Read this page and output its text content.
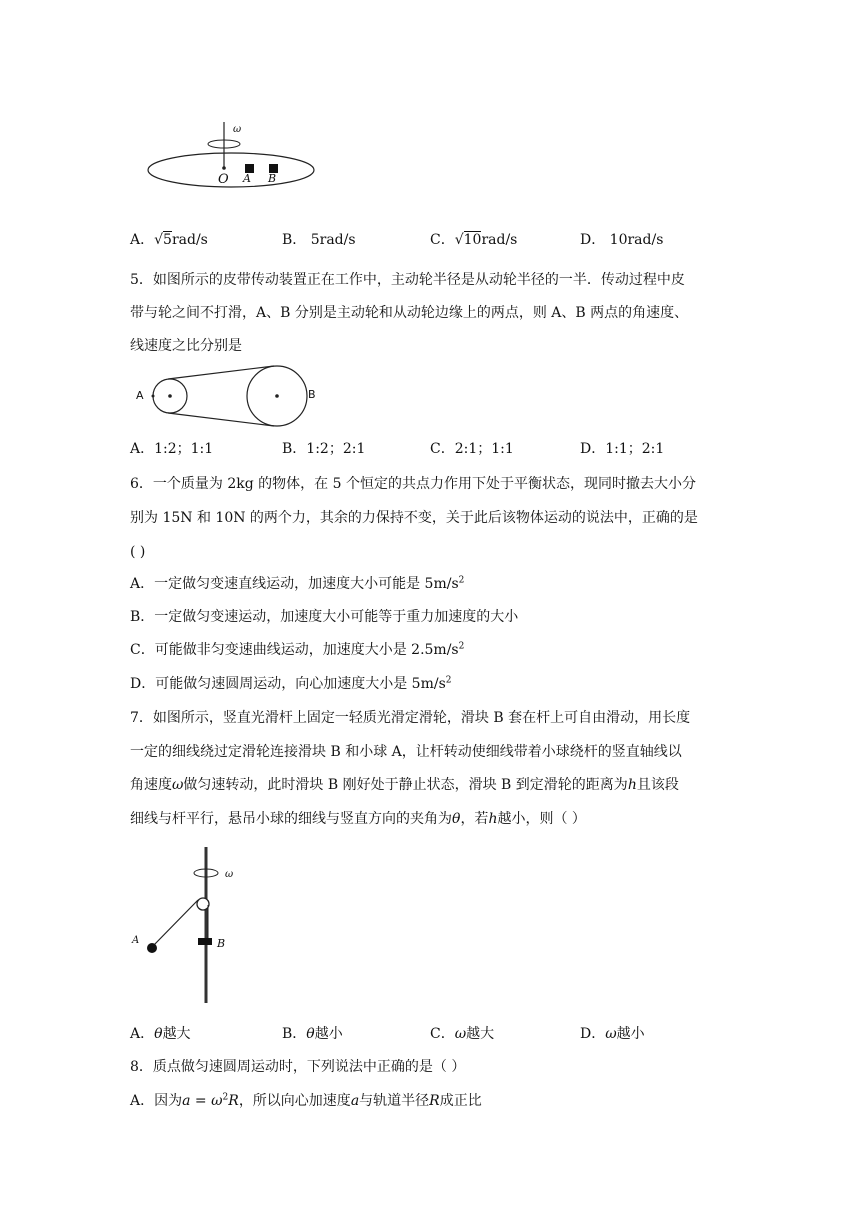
ω
O A B
A．√5rad/s	B． 5rad/s	C．√10rad/s	D． 10rad/s
5．如图所示的皮带传动装置正在工作中，主动轮半径是从动轮半径的一半．传动过程中皮
带与轮之间不打滑，A、B 分别是主动轮和从动轮边缘上的两点，则 A、B 两点的角速度、
线速度之比分别是
A	B
A．1:2；1:1	B．1:2；2:1	C．2:1；1:1	D．1:1；2:1
6．一个质量为 2kg 的物体，在 5 个恒定的共点力作用下处于平衡状态，现同时撤去大小分
别为 15N 和 10N 的两个力，其余的力保持不变，关于此后该物体运动的说法中，正确的是
( )
A．一定做匀变速直线运动，加速度大小可能是 $5m/s^2$
B．一定做匀变速运动，加速度大小可能等于重力加速度的大小
C．可能做非匀变速曲线运动，加速度大小是 $2.5m/s^2$
D．可能做匀速圆周运动，向心加速度大小是 $5m/s^2$
7．如图所示，竖直光滑杆上固定一轻质光滑定滑轮，滑块 B 套在杆上可自由滑动，用长度
一定的细线绕过定滑轮连接滑块 B 和小球 A，让杆转动使细线带着小球绕杆的竖直轴线以
角速度ω做匀速转动，此时滑块 B 刚好处于静止状态，滑块 B 到定滑轮的距离为h且该段
细线与杆平行，悬吊小球的细线与竖直方向的夹角为θ，若h越小，则（ ）
ω
A	B
A．θ越大	B．θ越小	C．ω越大	D．ω越小
8．质点做匀速圆周运动时，下列说法中正确的是（ ）
A．因为$a = \omega^2R$，所以向心加速度a与轨道半径R成正比
